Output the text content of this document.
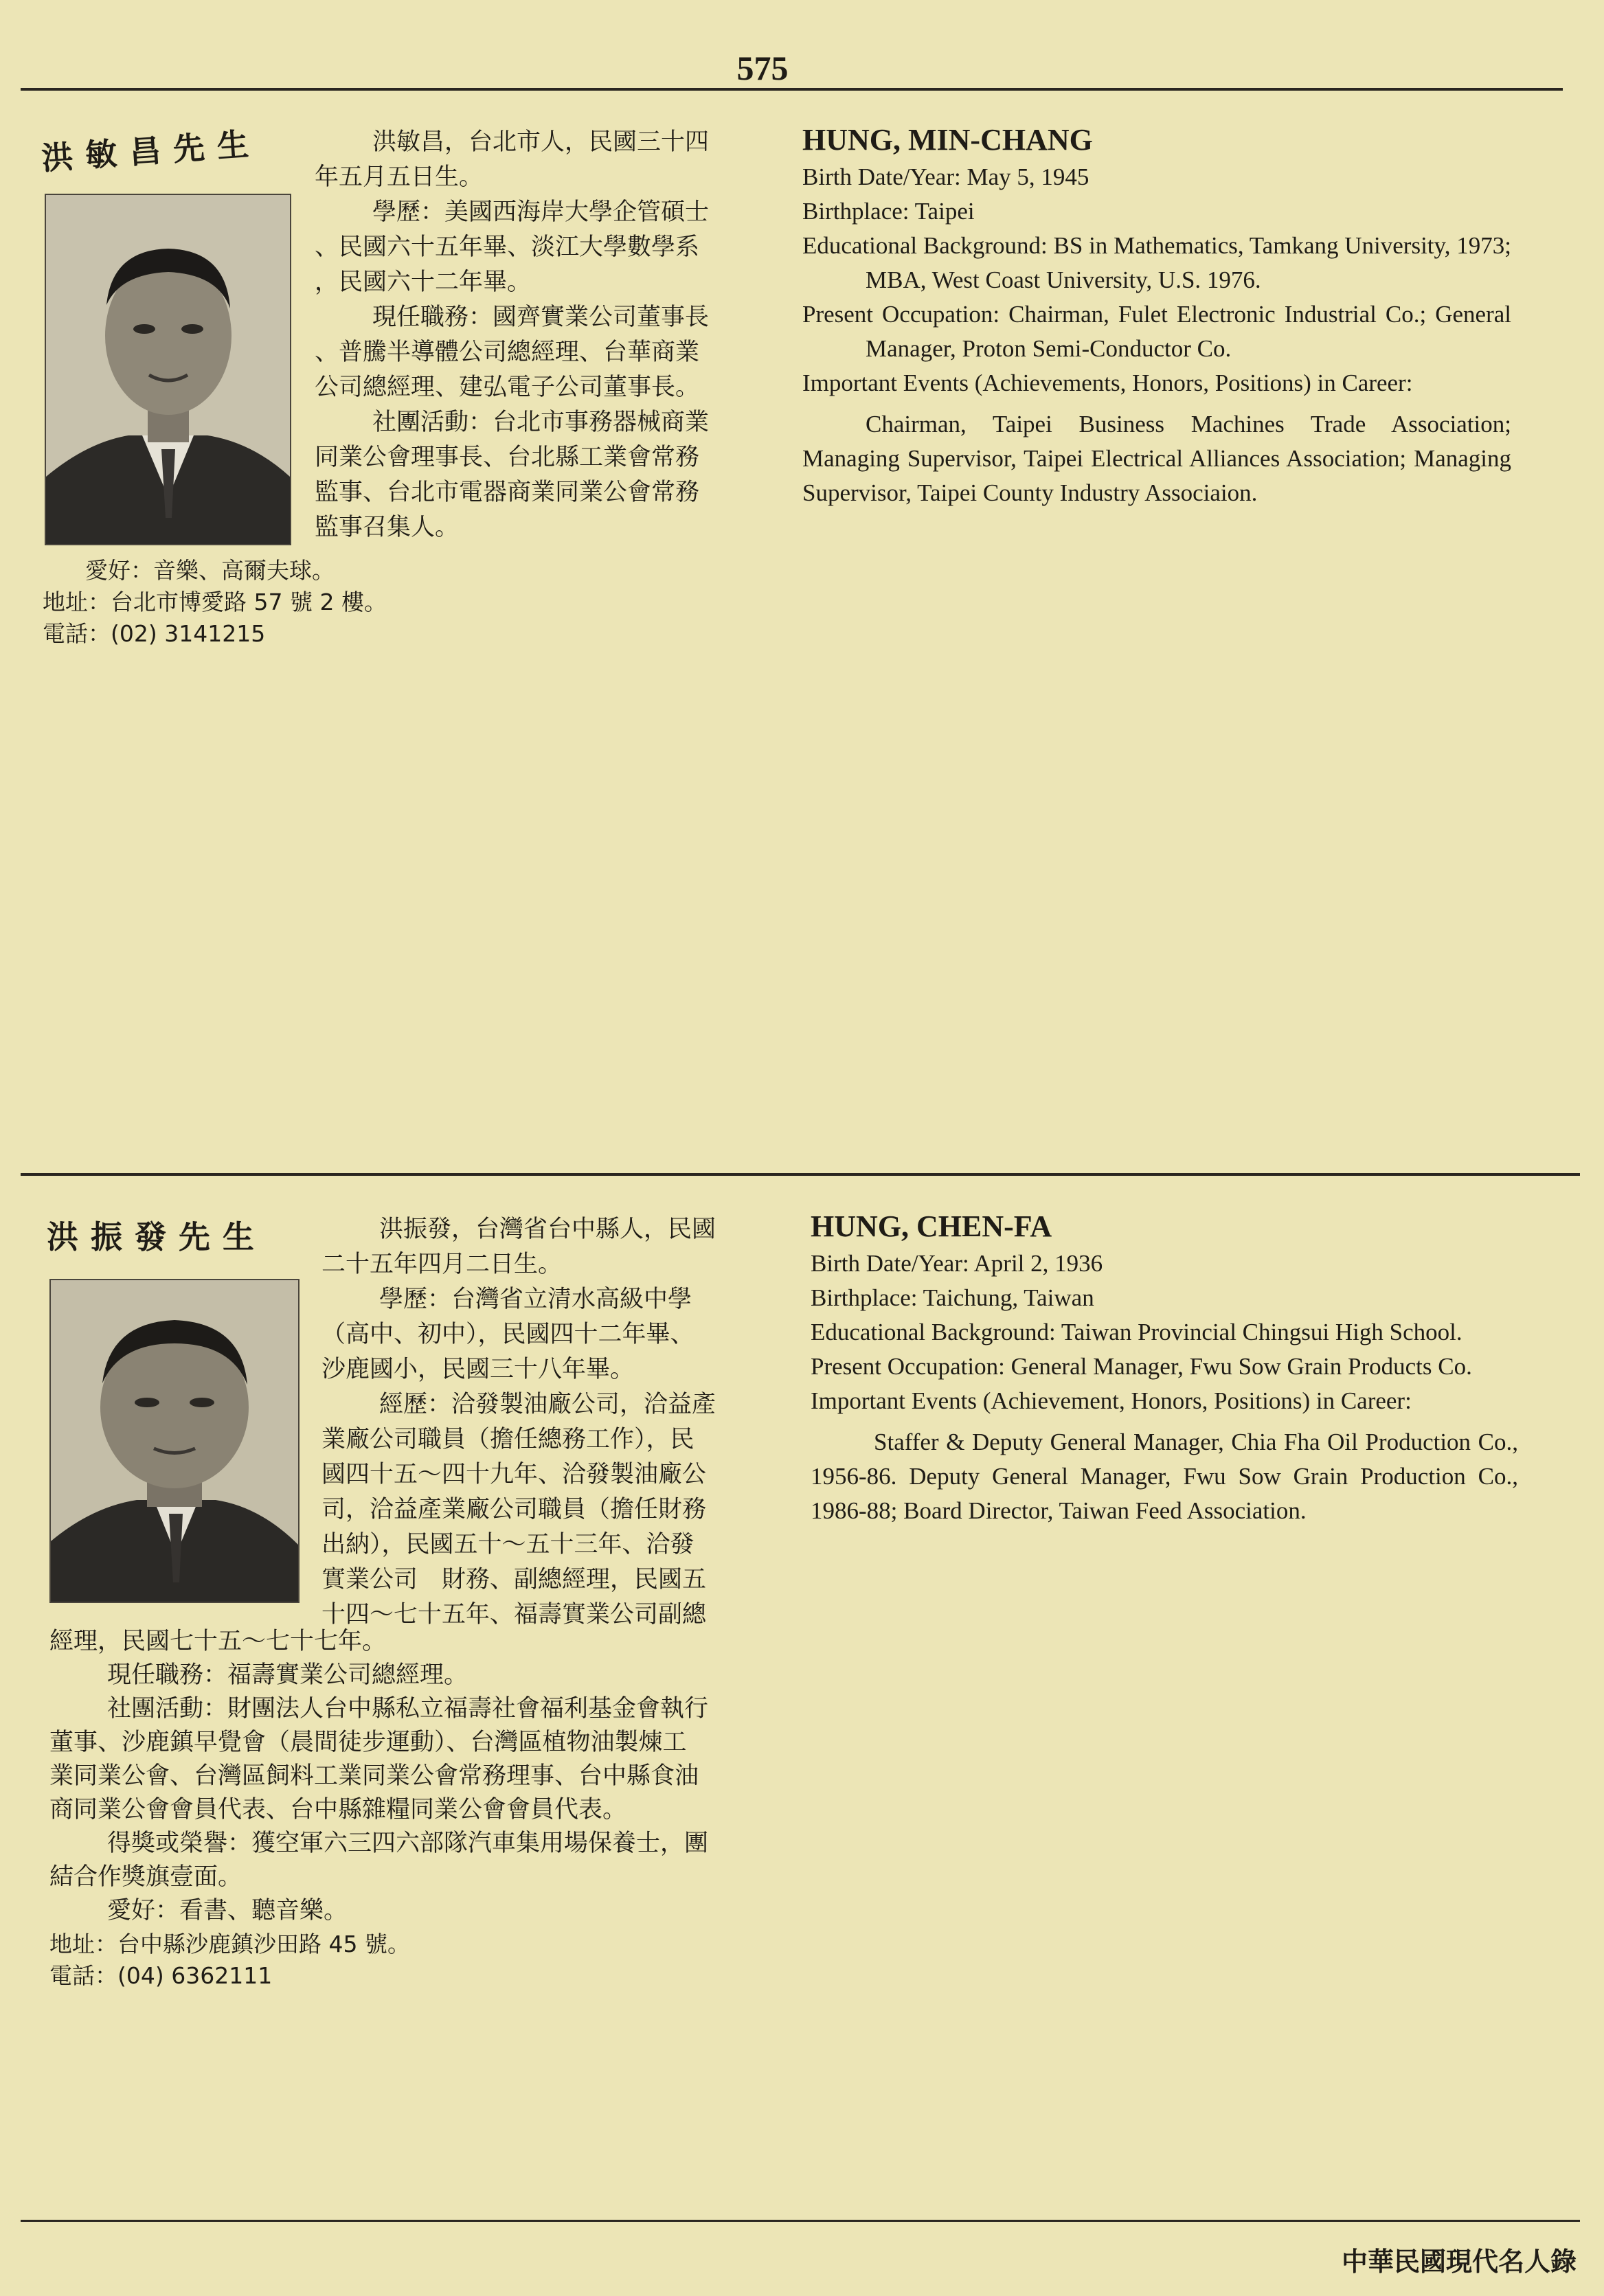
575
洪敏昌先生	洪敏昌，台北市人，民國三十四

年五月五日生。

學歷：美國西海岸大學企管碩士

、民國六十五年畢、淡江大學數學系

，民國六十二年畢。

現任職務：國齊實業公司董事長

、普騰半導體公司總經理、台華商業

公司總經理、建弘電子公司董事長。

社團活動：台北市事務器械商業

同業公會理事長、台北縣工業會常務

監事、台北市電器商業同業公會常務

監事召集人。

愛好：音樂、高爾夫球。
地址：台北市博愛路 57 號 2 樓。
電話：(02) 3141215
HUNG, MIN-CHANG
Birth Date/Year: May 5, 1945
Birthplace: Taipei
Educational Background: BS in Mathematics, Tamkang University, 1973; MBA, West Coast University, U.S. 1976.
Present Occupation: Chairman, Fulet Electronic Industrial Co.; General Manager, Proton Semi-Conductor Co.
Important Events (Achievements, Honors, Positions) in Career:
Chairman, Taipei Business Machines Trade Association; Managing Supervisor, Taipei Electrical Alliances Association; Managing Supervisor, Taipei County Industry Associaion.
洪振發先生	洪振發，台灣省台中縣人，民國

二十五年四月二日生。

學歷：台灣省立清水高級中學

（高中、初中），民國四十二年畢、

沙鹿國小，民國三十八年畢。

經歷：洽發製油廠公司，洽益產

業廠公司職員（擔任總務工作），民

國四十五～四十九年、洽發製油廠公

司，洽益產業廠公司職員（擔任財務

出納），民國五十～五十三年、洽發

實業公司　財務、副總經理，民國五

十四～七十五年、福壽實業公司副總

經理，民國七十五～七十七年。

現任職務：福壽實業公司總經理。

社團活動：財團法人台中縣私立福壽社會福利基金會執行

董事、沙鹿鎮早覺會（晨間徒步運動）、台灣區植物油製煉工

業同業公會、台灣區飼料工業同業公會常務理事、台中縣食油

商同業公會會員代表、台中縣雜糧同業公會會員代表。

得獎或榮譽：獲空軍六三四六部隊汽車集用場保養士，團

結合作獎旗壹面。

愛好：看書、聽音樂。

地址：台中縣沙鹿鎮沙田路 45 號。
電話：(04) 6362111
HUNG, CHEN-FA
Birth Date/Year: April 2, 1936
Birthplace: Taichung, Taiwan
Educational Background: Taiwan Provincial Chingsui High School.
Present Occupation: General Manager, Fwu Sow Grain Products Co.
Important Events (Achievement, Honors, Positions) in Career:
Staffer & Deputy General Manager, Chia Fha Oil Production Co., 1956-86. Deputy General Manager, Fwu Sow Grain Production Co., 1986-88; Board Director, Taiwan Feed Association.
中華民國現代名人錄
